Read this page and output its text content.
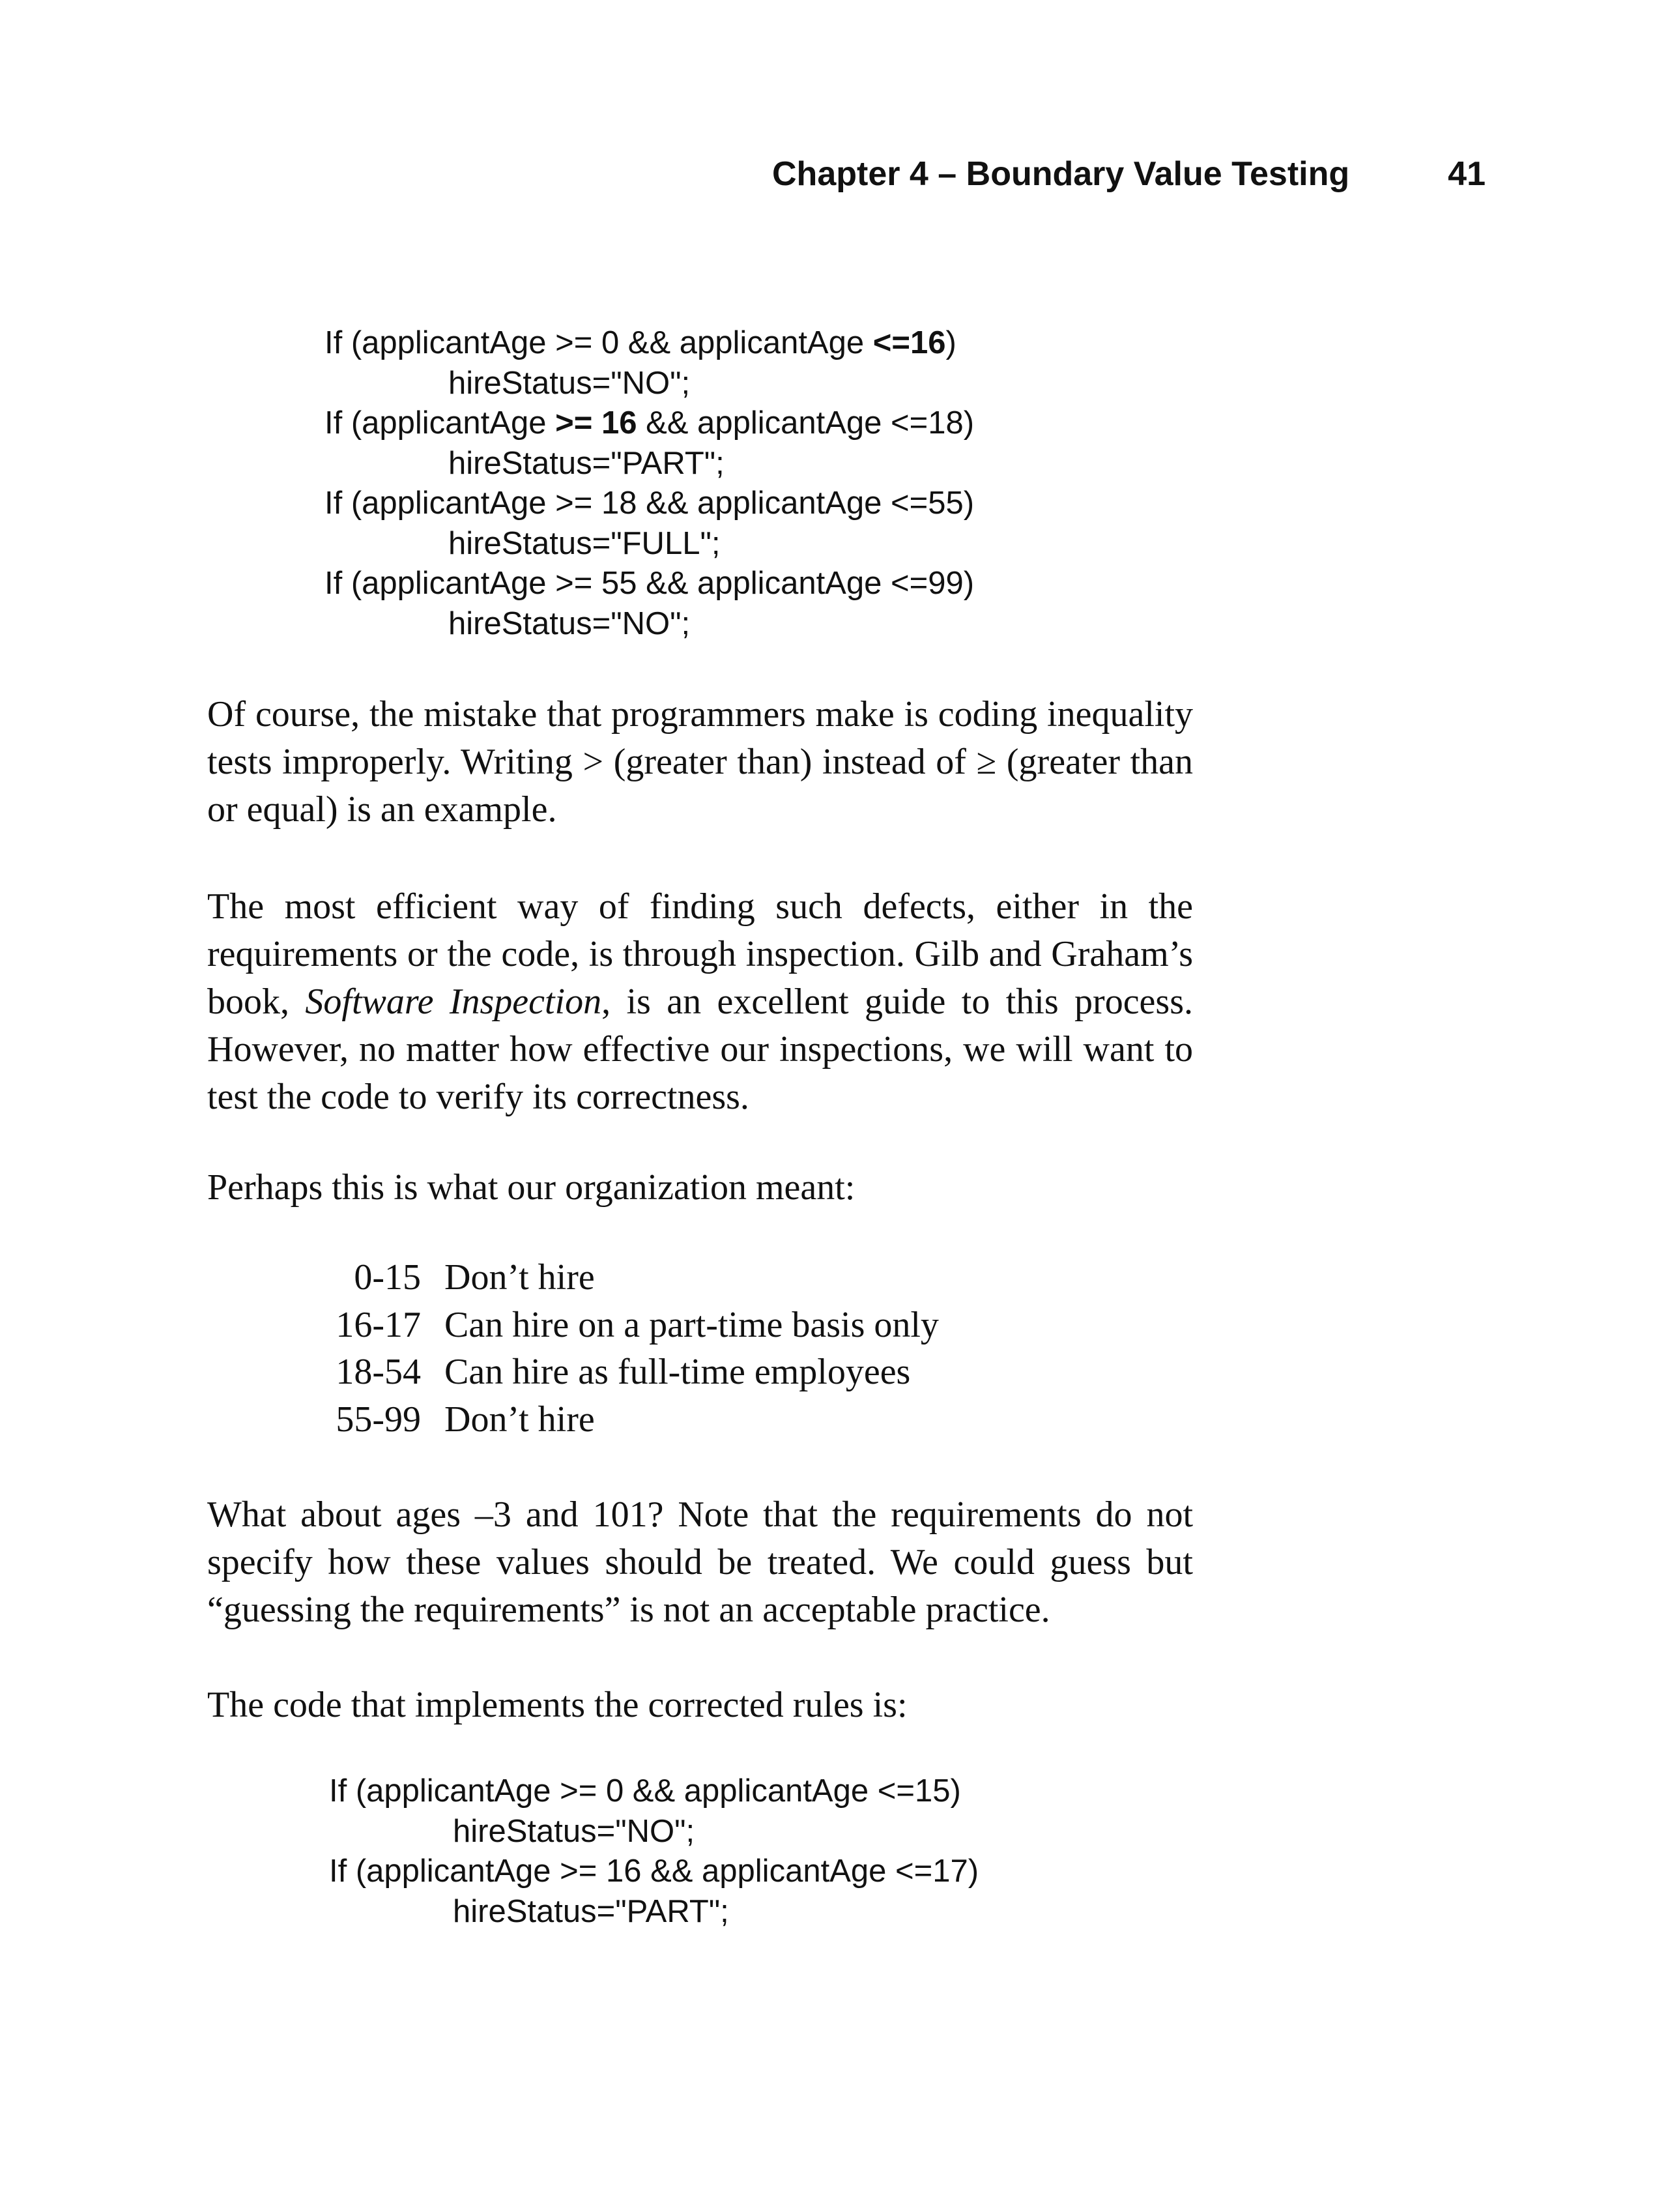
Chapter 4 – Boundary Value Testing	41
If (applicantAge >= 0 && applicantAge <=16)
hireStatus="NO";
If (applicantAge >= 16 && applicantAge <=18)
hireStatus="PART";
If (applicantAge >= 18 && applicantAge <=55)
hireStatus="FULL";
If (applicantAge >= 55 && applicantAge <=99)
hireStatus="NO";

Of course, the mistake that programmers make is coding inequality tests improperly. Writing > (greater than) instead of ≥ (greater than or equal) is an example.

The most efficient way of finding such defects, either in the requirements or the code, is through inspection. Gilb and Graham’s book, Software Inspection, is an excellent guide to this process. However, no matter how effective our inspections, we will want to test the code to verify its correctness.

Perhaps this is what our organization meant:

0-15	Don’t hire
16-17	Can hire on a part-time basis only
18-54	Can hire as full-time employees
55-99	Don’t hire

What about ages –3 and 101? Note that the requirements do not specify how these values should be treated. We could guess but “guessing the requirements” is not an acceptable practice.

The code that implements the corrected rules is:

If (applicantAge >= 0 && applicantAge <=15)
hireStatus="NO";
If (applicantAge >= 16 && applicantAge <=17)
hireStatus="PART";
